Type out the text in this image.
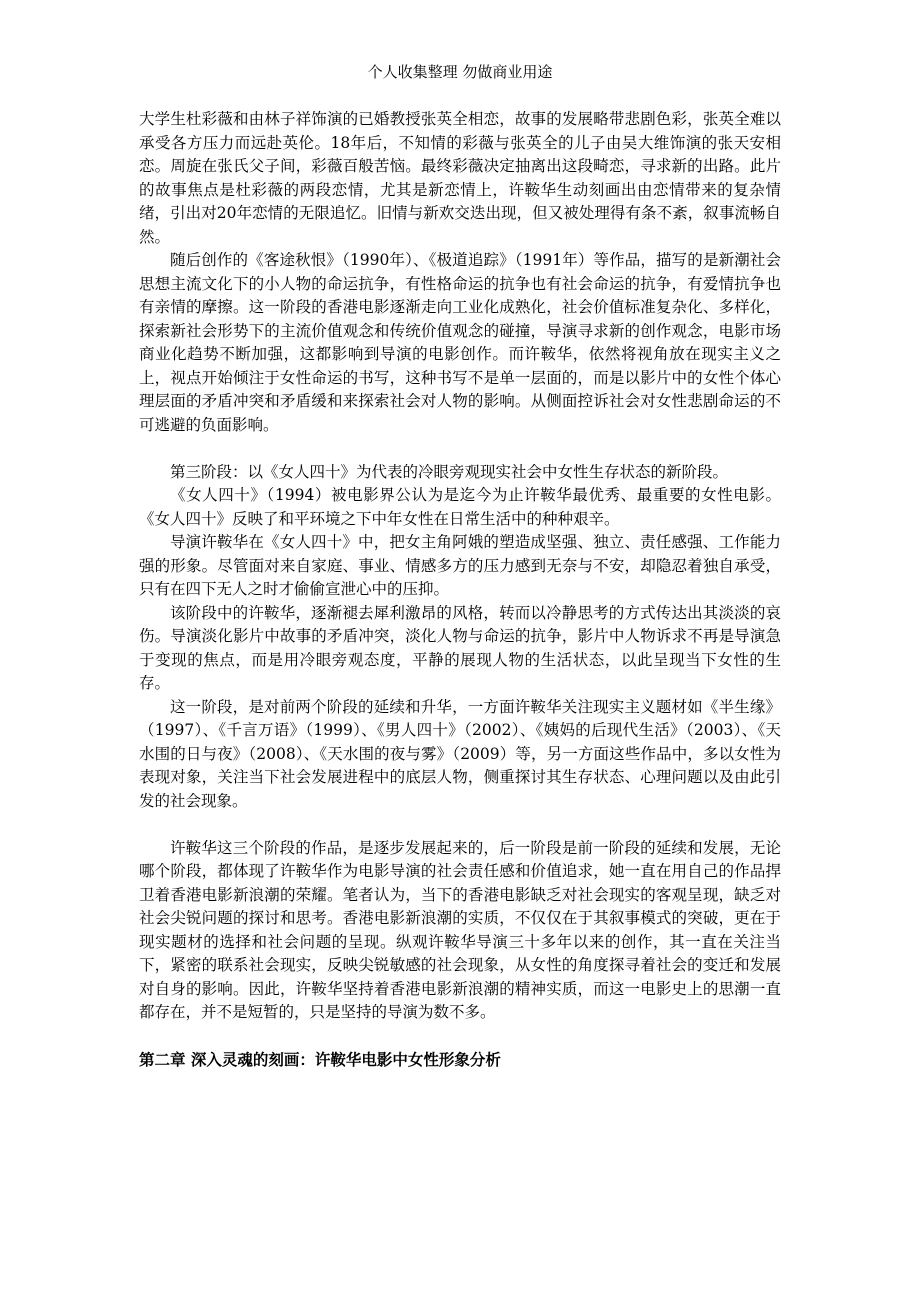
个人收集整理 勿做商业用途

大学生杜彩薇和由林子祥饰演的已婚教授张英全相恋，故事的发展略带悲剧色彩，张英全难以承受各方压力而远赴英伦。18年后，不知情的彩薇与张英全的儿子由吴大维饰演的张天安相恋。周旋在张氏父子间，彩薇百般苦恼。最终彩薇决定抽离出这段畸恋，寻求新的出路。此片的故事焦点是杜彩薇的两段恋情，尤其是新恋情上，许鞍华生动刻画出由恋情带来的复杂情绪，引出对20年恋情的无限追忆。旧情与新欢交迭出现，但又被处理得有条不紊，叙事流畅自然。

随后创作的《客途秋恨》（1990年）、《极道追踪》（1991年）等作品，描写的是新潮社会思想主流文化下的小人物的命运抗争，有性格命运的抗争也有社会命运的抗争，有爱情抗争也有亲情的摩擦。这一阶段的香港电影逐渐走向工业化成熟化，社会价值标准复杂化、多样化，探索新社会形势下的主流价值观念和传统价值观念的碰撞，导演寻求新的创作观念，电影市场商业化趋势不断加强，这都影响到导演的电影创作。而许鞍华，依然将视角放在现实主义之上，视点开始倾注于女性命运的书写，这种书写不是单一层面的，而是以影片中的女性个体心理层面的矛盾冲突和矛盾缓和来探索社会对人物的影响。从侧面控诉社会对女性悲剧命运的不可逃避的负面影响。

第三阶段：以《女人四十》为代表的冷眼旁观现实社会中女性生存状态的新阶段。

《女人四十》（1994）被电影界公认为是迄今为止许鞍华最优秀、最重要的女性电影。《女人四十》反映了和平环境之下中年女性在日常生活中的种种艰辛。

导演许鞍华在《女人四十》中，把女主角阿娥的塑造成坚强、独立、责任感强、工作能力强的形象。尽管面对来自家庭、事业、情感多方的压力感到无奈与不安，却隐忍着独自承受，只有在四下无人之时才偷偷宣泄心中的压抑。

该阶段中的许鞍华，逐渐褪去犀利激昂的风格，转而以冷静思考的方式传达出其淡淡的哀伤。导演淡化影片中故事的矛盾冲突，淡化人物与命运的抗争，影片中人物诉求不再是导演急于变现的焦点，而是用冷眼旁观态度，平静的展现人物的生活状态，以此呈现当下女性的生存。

这一阶段，是对前两个阶段的延续和升华，一方面许鞍华关注现实主义题材如《半生缘》（1997）、《千言万语》（1999）、《男人四十》（2002）、《姨妈的后现代生活》（2003）、《天水围的日与夜》（2008）、《天水围的夜与雾》（2009）等，另一方面这些作品中，多以女性为表现对象，关注当下社会发展进程中的底层人物，侧重探讨其生存状态、心理问题以及由此引发的社会现象。

许鞍华这三个阶段的作品，是逐步发展起来的，后一阶段是前一阶段的延续和发展，无论哪个阶段，都体现了许鞍华作为电影导演的社会责任感和价值追求，她一直在用自己的作品捍卫着香港电影新浪潮的荣耀。笔者认为，当下的香港电影缺乏对社会现实的客观呈现，缺乏对社会尖锐问题的探讨和思考。香港电影新浪潮的实质，不仅仅在于其叙事模式的突破，更在于现实题材的选择和社会问题的呈现。纵观许鞍华导演三十多年以来的创作，其一直在关注当下，紧密的联系社会现实，反映尖锐敏感的社会现象，从女性的角度探寻着社会的变迁和发展对自身的影响。因此，许鞍华坚持着香港电影新浪潮的精神实质，而这一电影史上的思潮一直都存在，并不是短暂的，只是坚持的导演为数不多。

第二章 深入灵魂的刻画：许鞍华电影中女性形象分析
